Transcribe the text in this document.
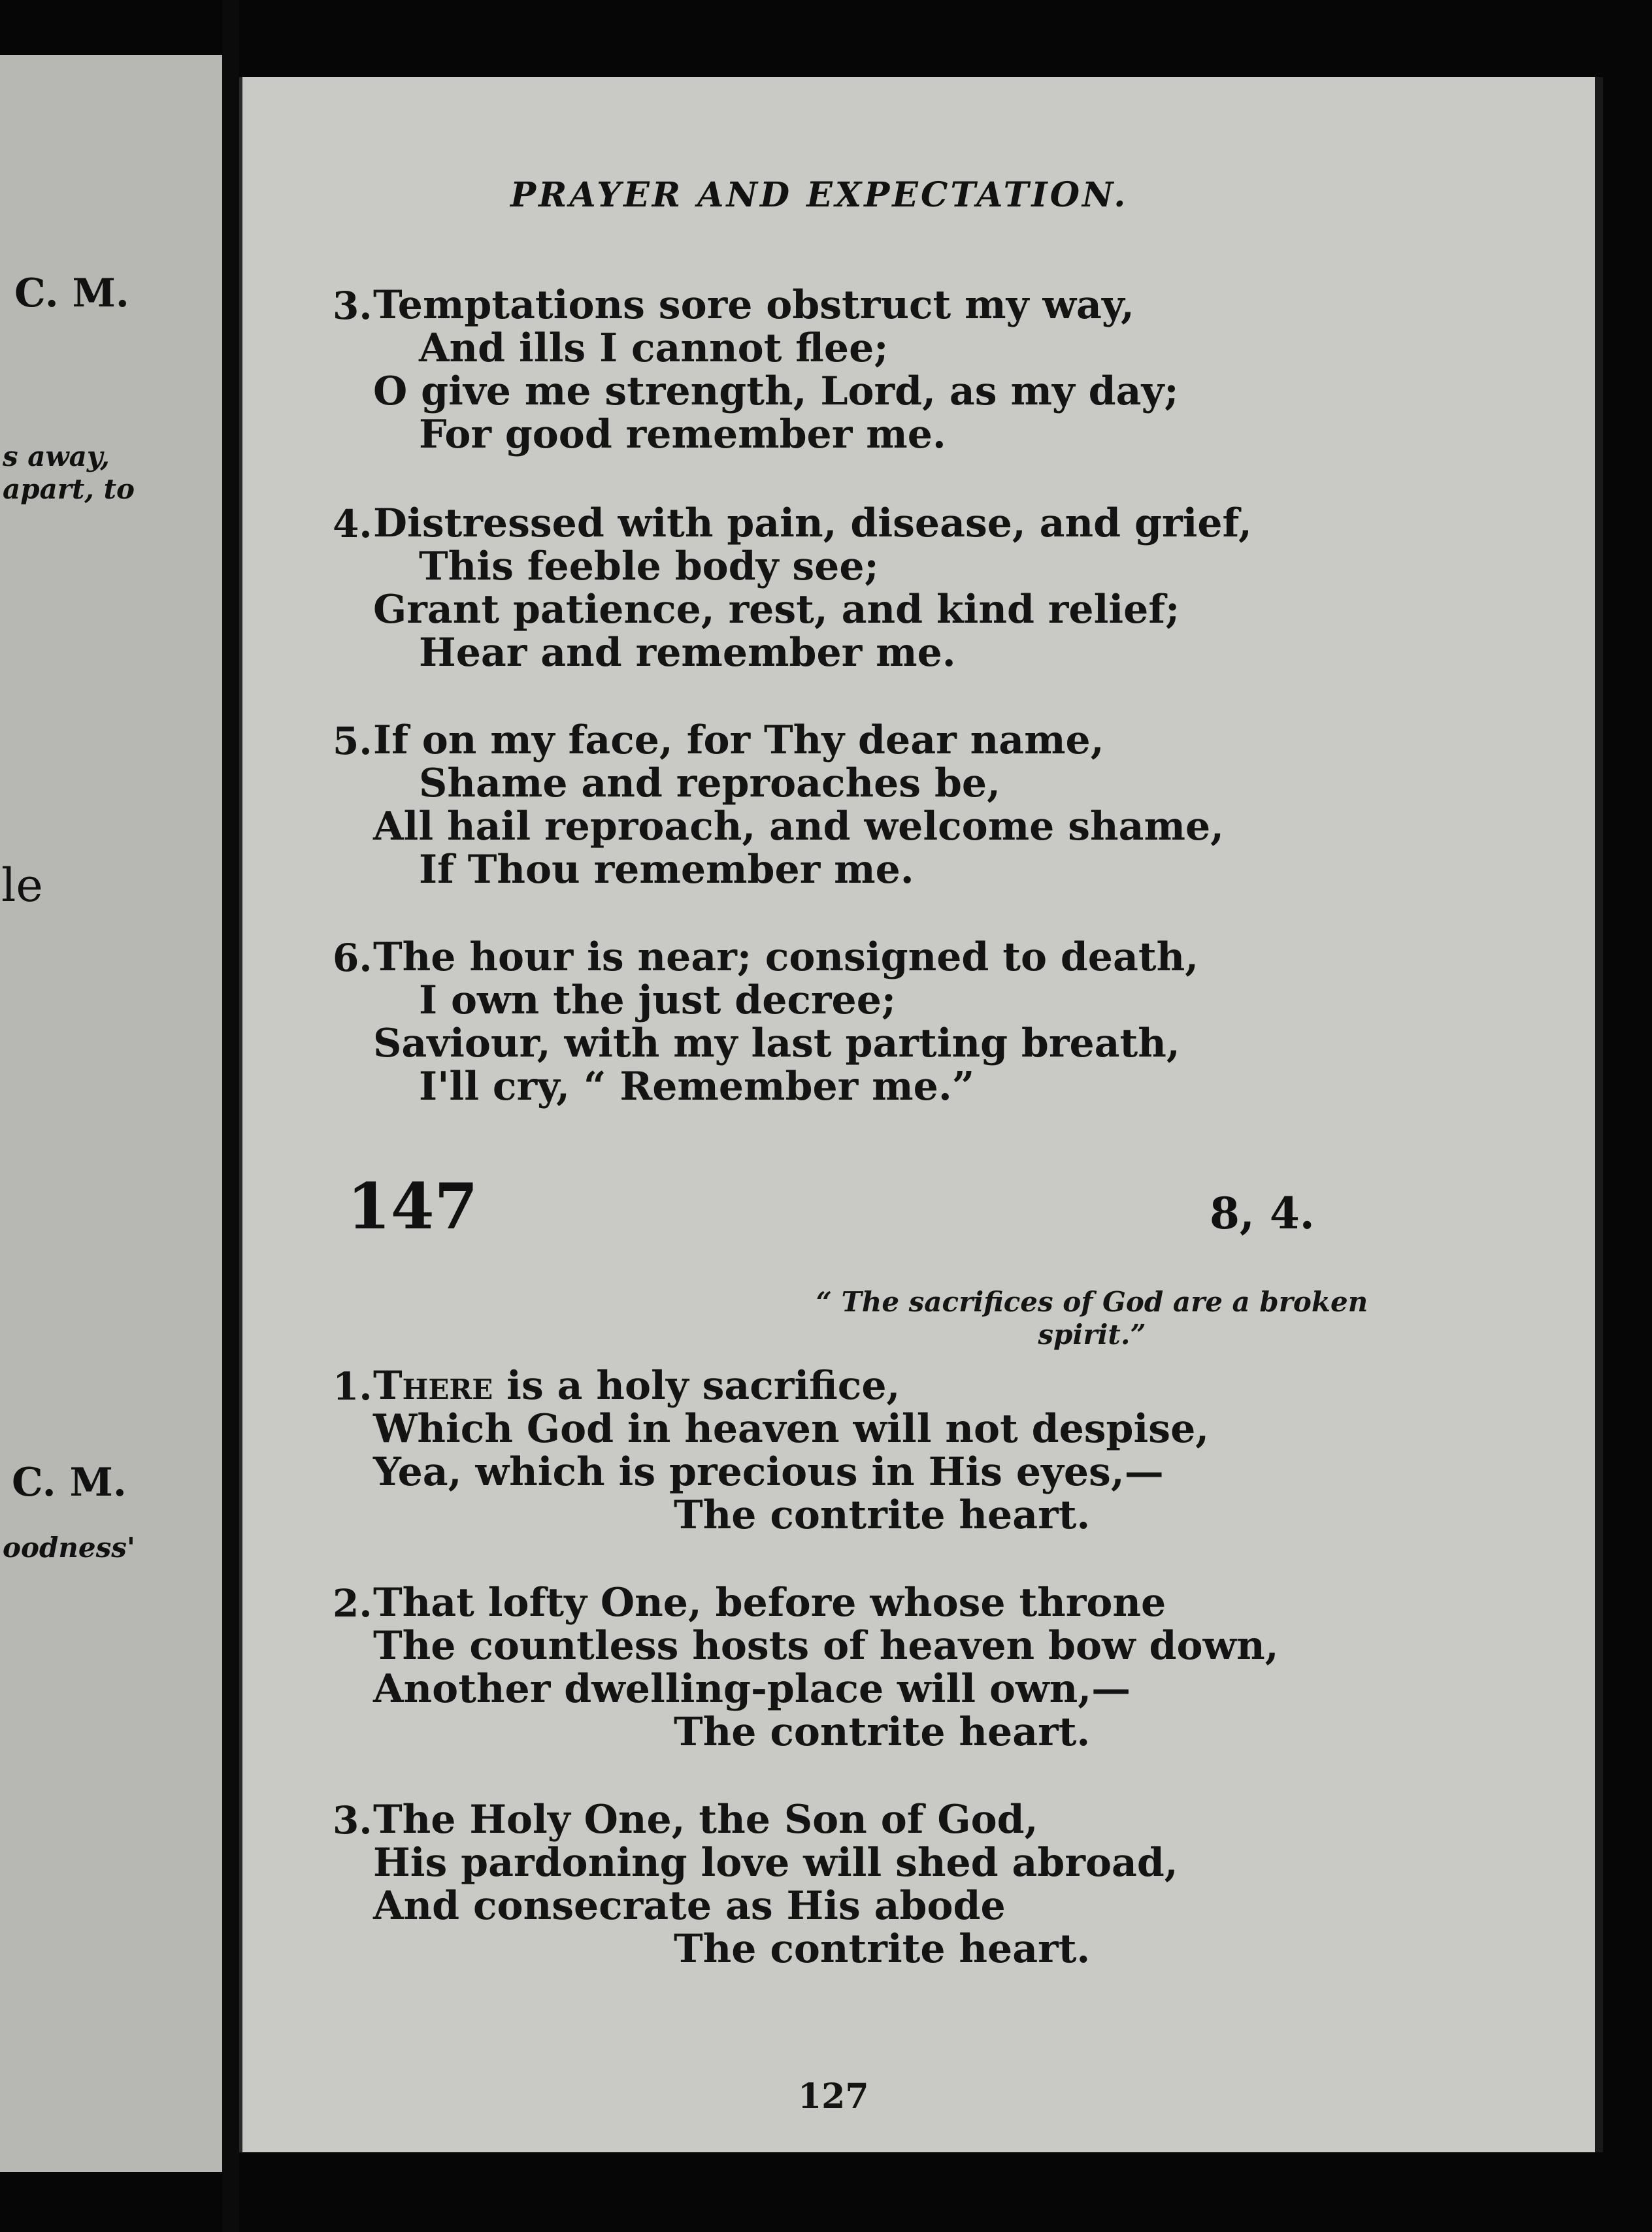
C. M.
s away,
apart, to
le
C. M.
oodness'

PRAYER AND EXPECTATION.
3. Temptations sore obstruct my way,
And ills I cannot flee;
O give me strength, Lord, as my day;
For good remember me.
4. Distressed with pain, disease, and grief,
This feeble body see;
Grant patience, rest, and kind relief;
Hear and remember me.
5. If on my face, for Thy dear name,
Shame and reproaches be,
All hail reproach, and welcome shame,
If Thou remember me.
6. The hour is near; consigned to death,
I own the just decree;
Saviour, with my last parting breath,
I'll cry, “ Remember me.”
147	8, 4.
“ The sacrifices of God are a broken
spirit.”
1. There is a holy sacrifice,
Which God in heaven will not despise,
Yea, which is precious in His eyes,—
The contrite heart.
2. That lofty One, before whose throne
The countless hosts of heaven bow down,
Another dwelling-place will own,—
The contrite heart.
3. The Holy One, the Son of God,
His pardoning love will shed abroad,
And consecrate as His abode
The contrite heart.
127
